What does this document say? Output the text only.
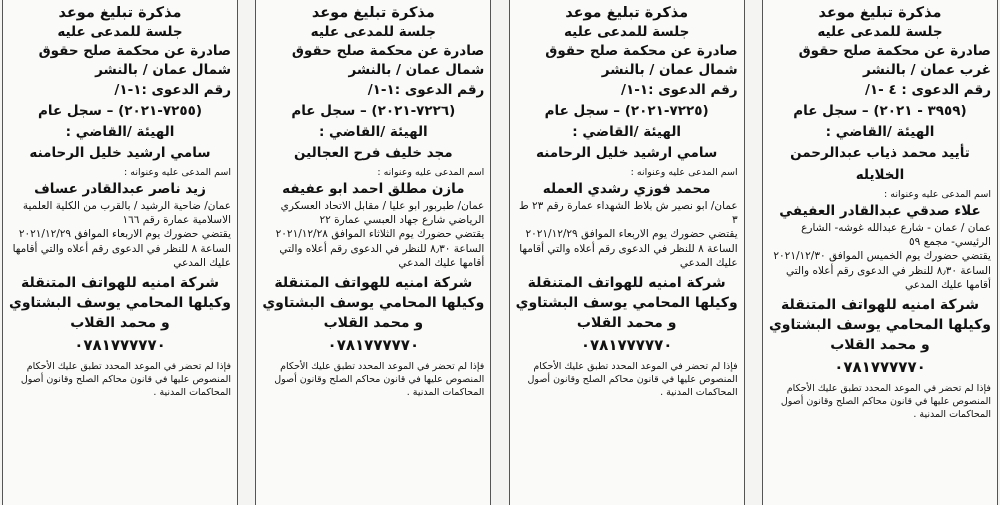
مذكرة تبليغ موعد
جلسة للمدعى عليه
صادرة عن محكمة صلح حقوق غرب عمان / بالنشر
رقم الدعوى : ٤ -١/
(٣٩٥٩ - ٢٠٢١) – سجل عام
الهيئة /القاضي :
تأييد محمد ذياب عبدالرحمن الخلايله
اسم المدعى عليه وعنوانه :
علاء صدقي عبدالقادر العفيفي
عمان / عمان - شارع عبدالله غوشه- الشارع الرئيسي- مجمع ٥٩
يقتضي حضورك يوم الخميس الموافق ٢٠٢١/١٢/٣٠ الساعة ٨٫٣٠ للنظر في الدعوى رقم أعلاه والتي أقامها عليك المدعي
شركة امنيه للهواتف المتنقلة وكيلها المحامي يوسف البشتاوي و محمد القلاب
٠٧٨١٧٧٧٧٧٠
فإذا لم تحضر في الموعد المحدد تطبق عليك الأحكام المنصوص عليها في قانون محاكم الصلح وقانون أصول المحاكمات المدنية .
مذكرة تبليغ موعد
جلسة للمدعى عليه
صادرة عن محكمة صلح حقوق شمال عمان / بالنشر
رقم الدعوى :١-١/
(٧٢٢٥-٢٠٢١) – سجل عام
الهيئة /القاضي :
سامي ارشيد خليل الرحامنه
اسم المدعى عليه وعنوانه :
محمد فوزي رشدي العمله
عمان/ ابو نصير ش بلاط الشهداء عمارة رقم ٢٣ ط ٣
يقتضي حضورك يوم الاربعاء الموافق ٢٠٢١/١٢/٢٩ الساعة ٨ للنظر في الدعوى رقم أعلاه والتي أقامها عليك المدعي
شركة امنيه للهواتف المتنقلة وكيلها المحامي يوسف البشتاوي و محمد القلاب
٠٧٨١٧٧٧٧٧٠
فإذا لم تحضر في الموعد المحدد تطبق عليك الأحكام المنصوص عليها في قانون محاكم الصلح وقانون أصول المحاكمات المدنية .
مذكرة تبليغ موعد
جلسة للمدعى عليه
صادرة عن محكمة صلح حقوق شمال عمان / بالنشر
رقم الدعوى :١-١/
(٧٢٢٦-٢٠٢١) – سجل عام
الهيئة /القاضي :
مجد خليف فرح العجالين
اسم المدعى عليه وعنوانه :
مازن مطلق احمد ابو عفيفه
عمان/ طبربور ابو عليا / مقابل الاتحاد العسكري الرياضي شارع جهاد العبسي عمارة ٢٢
يقتضي حضورك يوم الثلاثاء الموافق ٢٠٢١/١٢/٢٨ الساعة ٨٫٣٠ للنظر في الدعوى رقم أعلاه والتي أقامها عليك المدعي
شركة امنيه للهواتف المتنقلة وكيلها المحامي يوسف البشتاوي و محمد القلاب
٠٧٨١٧٧٧٧٧٠
فإذا لم تحضر في الموعد المحدد تطبق عليك الأحكام المنصوص عليها في قانون محاكم الصلح وقانون أصول المحاكمات المدنية .
مذكرة تبليغ موعد
جلسة للمدعى عليه
صادرة عن محكمة صلح حقوق شمال عمان / بالنشر
رقم الدعوى :١-١/
(٧٢٥٥-٢٠٢١) – سجل عام
الهيئة /القاضي :
سامي ارشيد خليل الرحامنه
اسم المدعى عليه وعنوانه :
زيد ناصر عبدالقادر عساف
عمان/ ضاحية الرشيد / بالقرب من الكلية العلمية الاسلامية عمارة رقم ١٦٦
يقتضي حضورك يوم الاربعاء الموافق ٢٠٢١/١٢/٢٩ الساعة ٨ للنظر في الدعوى رقم أعلاه والتي أقامها عليك المدعي
شركة امنيه للهواتف المتنقلة وكيلها المحامي يوسف البشتاوي و محمد القلاب
٠٧٨١٧٧٧٧٧٠
فإذا لم تحضر في الموعد المحدد تطبق عليك الأحكام المنصوص عليها في قانون محاكم الصلح وقانون أصول المحاكمات المدنية .
